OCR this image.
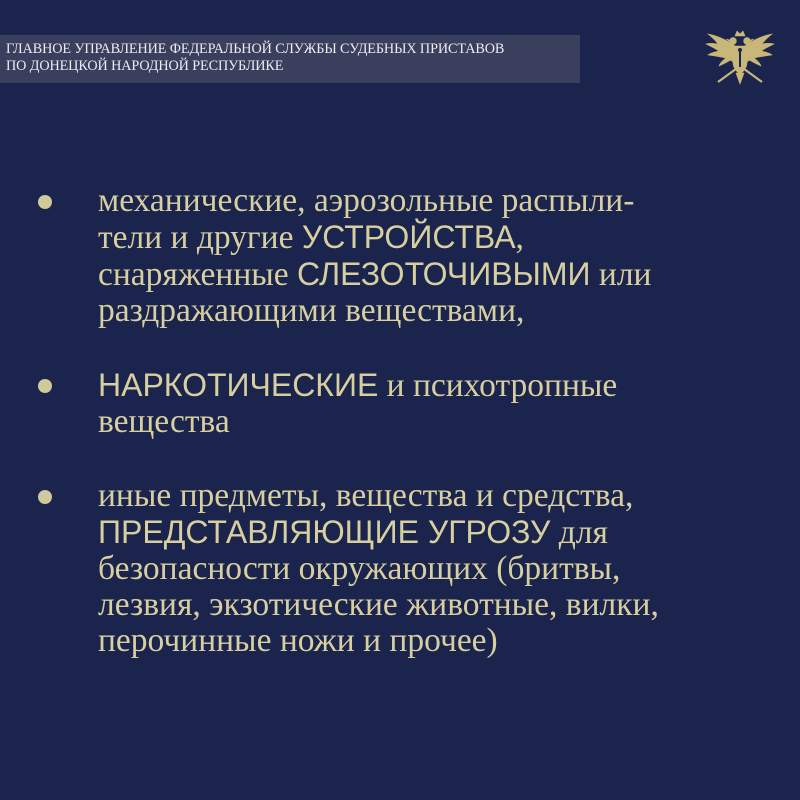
ГЛАВНОЕ УПРАВЛЕНИЕ ФЕДЕРАЛЬНОЙ СЛУЖБЫ СУДЕБНЫХ ПРИСТАВОВ
ПО ДОНЕЦКОЙ НАРОДНОЙ РЕСПУБЛИКЕ
механические, аэрозольные распыли-
тели и другие УСТРОЙСТВА,
снаряженные СЛЕЗОТОЧИВЫМИ или
раздражающими веществами,
НАРКОТИЧЕСКИЕ и психотропные
вещества
иные предметы, вещества и средства,
ПРЕДСТАВЛЯЮЩИЕ УГРОЗУ для
безопасности окружающих (бритвы,
лезвия, экзотические животные, вилки,
перочинные ножи и прочее)
